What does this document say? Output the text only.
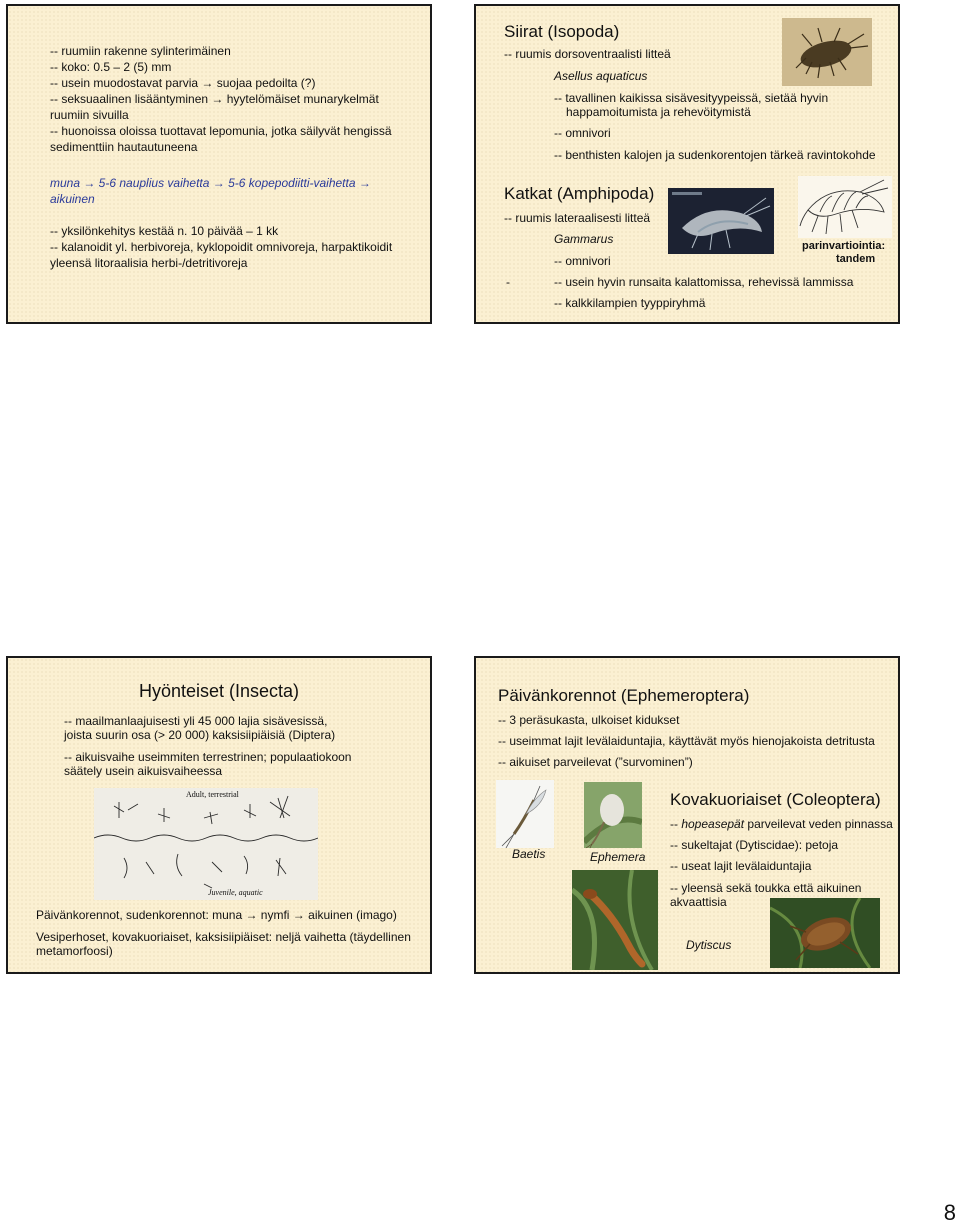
-- ruumiin rakenne sylinterimäinen
-- koko: 0.5 – 2 (5) mm
-- usein muodostavat parvia → suojaa pedoilta (?)
-- seksuaalinen lisääntyminen → hyytelömäiset munarykelmät
ruumiin sivuilla
-- huonoissa oloissa tuottavat lepomunia, jotka säilyvät hengissä
sedimenttiin hautautuneena
muna → 5-6 nauplius vaihetta → 5-6 kopepodiitti-vaihetta →
aikuinen
-- yksilönkehitys kestää n. 10 päivää – 1 kk
-- kalanoidit yl. herbivoreja, kyklopoidit omnivoreja, harpaktikoidit
yleensä litoraalisia herbi-/detritivoreja
Siirat (Isopoda)
-- ruumis dorsoventraalisti litteä
Asellus aquaticus
-- tavallinen kaikissa sisävesityypeissä, sietää hyvin
happamoitumista ja rehevöitymistä
-- omnivori
-- benthisten kalojen ja sudenkorentojen tärkeä ravintokohde
Katkat (Amphipoda)
-- ruumis lateraalisesti litteä
Gammarus
-- omnivori
-	-- usein hyvin runsaita kalattomissa, rehevissä lammissa
-- kalkkilampien tyyppiryhmä
parinvartiointia:
tandem
Hyönteiset (Insecta)
-- maailmanlaajuisesti yli 45 000 lajia sisävesissä,
joista suurin osa (> 20 000) kaksisiipiäisiä (Diptera)
-- aikuisvaihe useimmiten terrestrinen; populaatiokoon
säätely usein aikuisvaiheessa
Adult, terrestrial
Juvenile, aquatic
Päivänkorennot, sudenkorennot: muna → nymfi → aikuinen (imago)
Vesiperhoset, kovakuoriaiset, kaksisiipiäiset: neljä vaihetta (täydellinen
metamorfoosi)
Päivänkorennot (Ephemeroptera)
-- 3 peräsukasta, ulkoiset kidukset
-- useimmat lajit levälaiduntajia, käyttävät myös hienojakoista detritusta
-- aikuiset parveilevat (”survominen”)
Baetis	Ephemera
Kovakuoriaiset (Coleoptera)
-- hopeasepät parveilevat veden pinnassa
-- sukeltajat (Dytiscidae): petoja
-- useat lajit levälaiduntajia
-- yleensä sekä toukka että aikuinen
akvaattisia
Dytiscus
8
